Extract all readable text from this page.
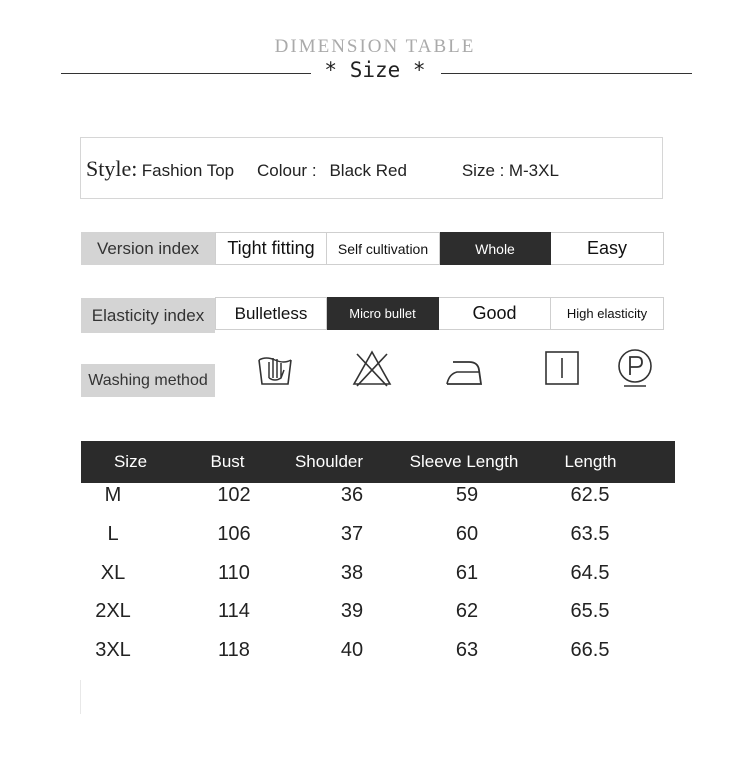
DIMENSION TABLE
* Size *
Style: Fashion Top Colour : Black Red	Size : M-3XL
Version index	Tight fitting	Self cultivation	Whole	Easy
Elasticity index	Bulletless	Micro bullet	Good	High elasticity
Washing method
Size	Bust	Shoulder	Sleeve Length	Length
M	102	36	59	62.5
L	106	37	60	63.5
XL	110	38	61	64.5
2XL	114	39	62	65.5
3XL	118	40	63	66.5
